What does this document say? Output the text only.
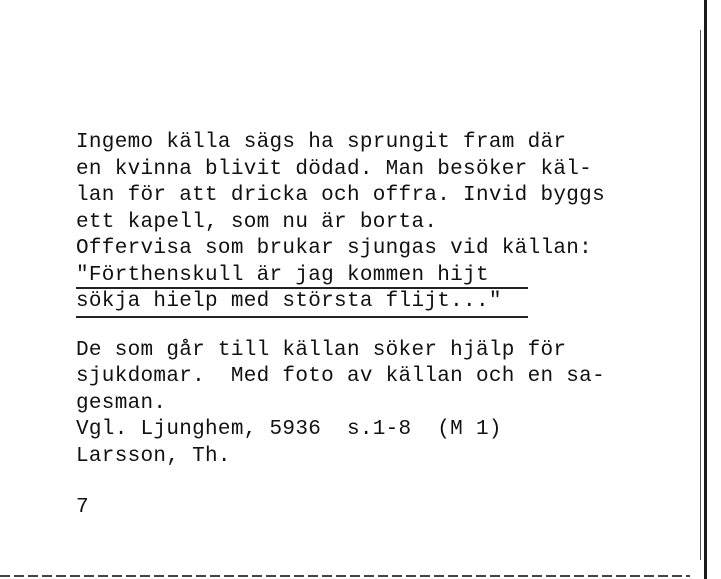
Ingemo källa sägs ha sprungit fram där
en kvinna blivit dödad. Man besöker käl-
lan för att dricka och offra. Invid byggs
ett kapell, som nu är borta.
Offervisa som brukar sjungas vid källan:
"Förthenskull är jag kommen hijt
sökja hielp med största flijt..."
De som går till källan söker hjälp för
sjukdomar.  Med foto av källan och en sa-
gesman.
Vgl. Ljunghem, 5936  s.1-8  (M 1)
Larsson, Th.
7
